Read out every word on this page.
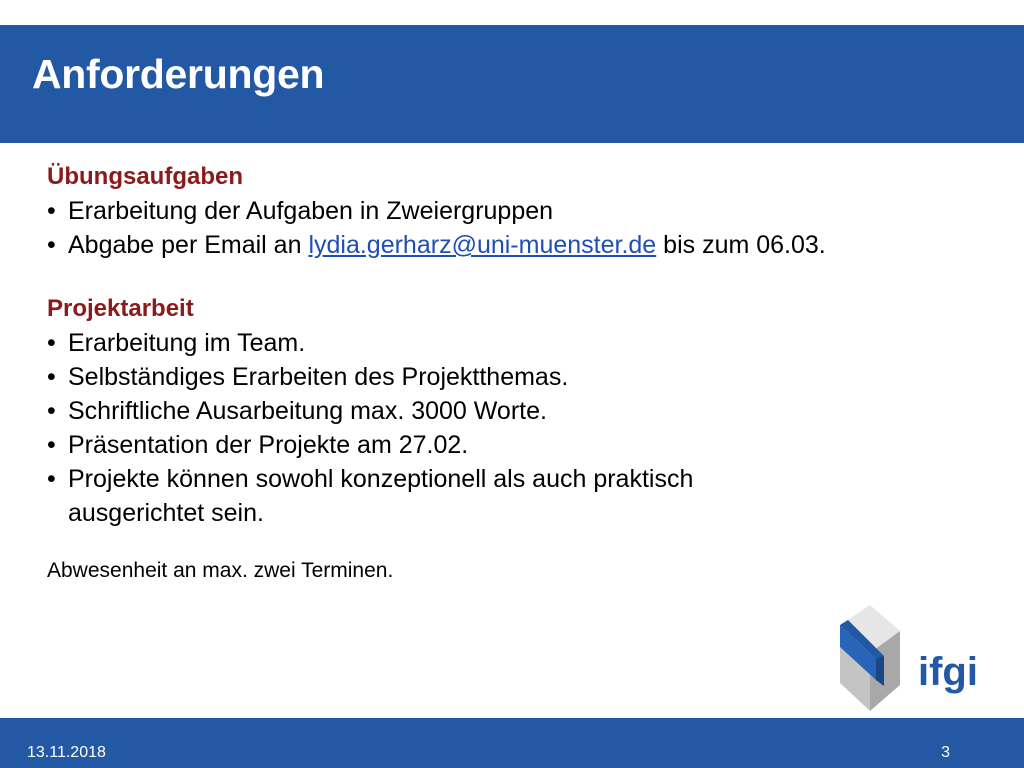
Anforderungen
Übungsaufgaben
• Erarbeitung der Aufgaben in Zweiergruppen
• Abgabe per Email an lydia.gerharz@uni-muenster.de bis zum 06.03.
Projektarbeit
• Erarbeitung im Team.
• Selbständiges Erarbeiten des Projektthemas.
• Schriftliche Ausarbeitung max. 3000 Worte.
• Präsentation der Projekte am 27.02.
• Projekte können sowohl konzeptionell als auch praktisch ausgerichtet sein.
Abwesenheit an max. zwei Terminen.
ifgi
13.11.2018	3
